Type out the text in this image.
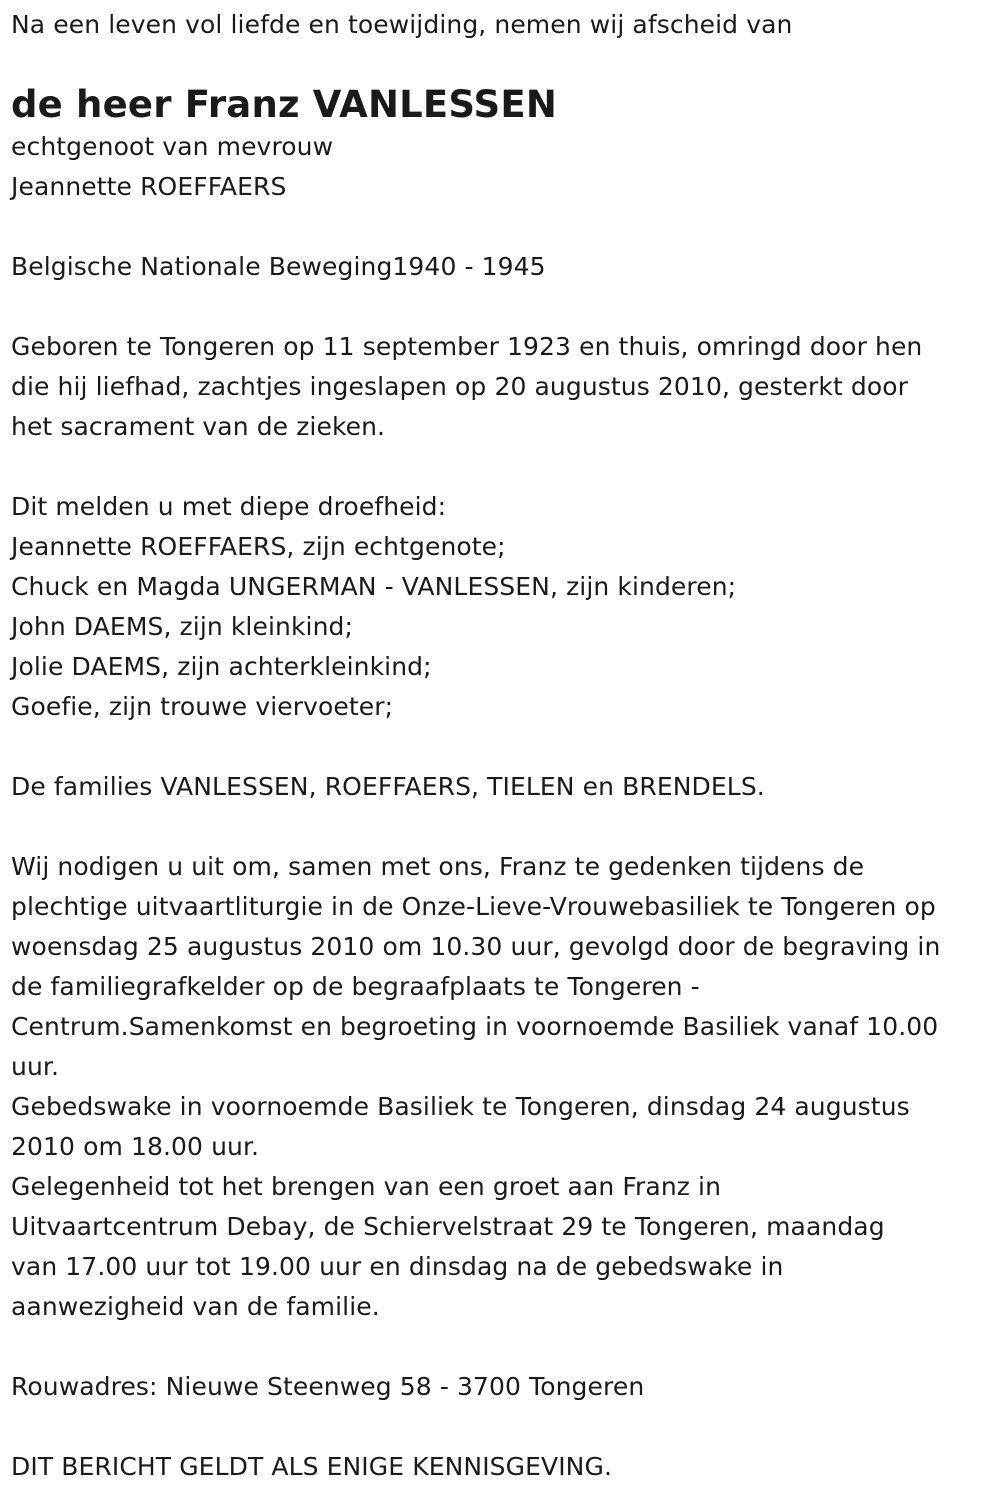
Na een leven vol liefde en toewijding, nemen wij afscheid van
de heer Franz VANLESSEN
echtgenoot van mevrouw
Jeannette ROEFFAERS
Belgische Nationale Beweging1940 - 1945
Geboren te Tongeren op 11 september 1923 en thuis, omringd door hen
die hij liefhad, zachtjes ingeslapen op 20 augustus 2010, gesterkt door
het sacrament van de zieken.
Dit melden u met diepe droefheid:
Jeannette ROEFFAERS, zijn echtgenote;
Chuck en Magda UNGERMAN - VANLESSEN, zijn kinderen;
John DAEMS, zijn kleinkind;
Jolie DAEMS, zijn achterkleinkind;
Goefie, zijn trouwe viervoeter;
De families VANLESSEN, ROEFFAERS, TIELEN en BRENDELS.
Wij nodigen u uit om, samen met ons, Franz te gedenken tijdens de
plechtige uitvaartliturgie in de Onze-Lieve-Vrouwebasiliek te Tongeren op
woensdag 25 augustus 2010 om 10.30 uur, gevolgd door de begraving in
de familiegrafkelder op de begraafplaats te Tongeren -
Centrum.Samenkomst en begroeting in voornoemde Basiliek vanaf 10.00
uur.
Gebedswake in voornoemde Basiliek te Tongeren, dinsdag 24 augustus
2010 om 18.00 uur.
Gelegenheid tot het brengen van een groet aan Franz in
Uitvaartcentrum Debay, de Schiervelstraat 29 te Tongeren, maandag
van 17.00 uur tot 19.00 uur en dinsdag na de gebedswake in
aanwezigheid van de familie.
Rouwadres: Nieuwe Steenweg 58 - 3700 Tongeren
DIT BERICHT GELDT ALS ENIGE KENNISGEVING.
